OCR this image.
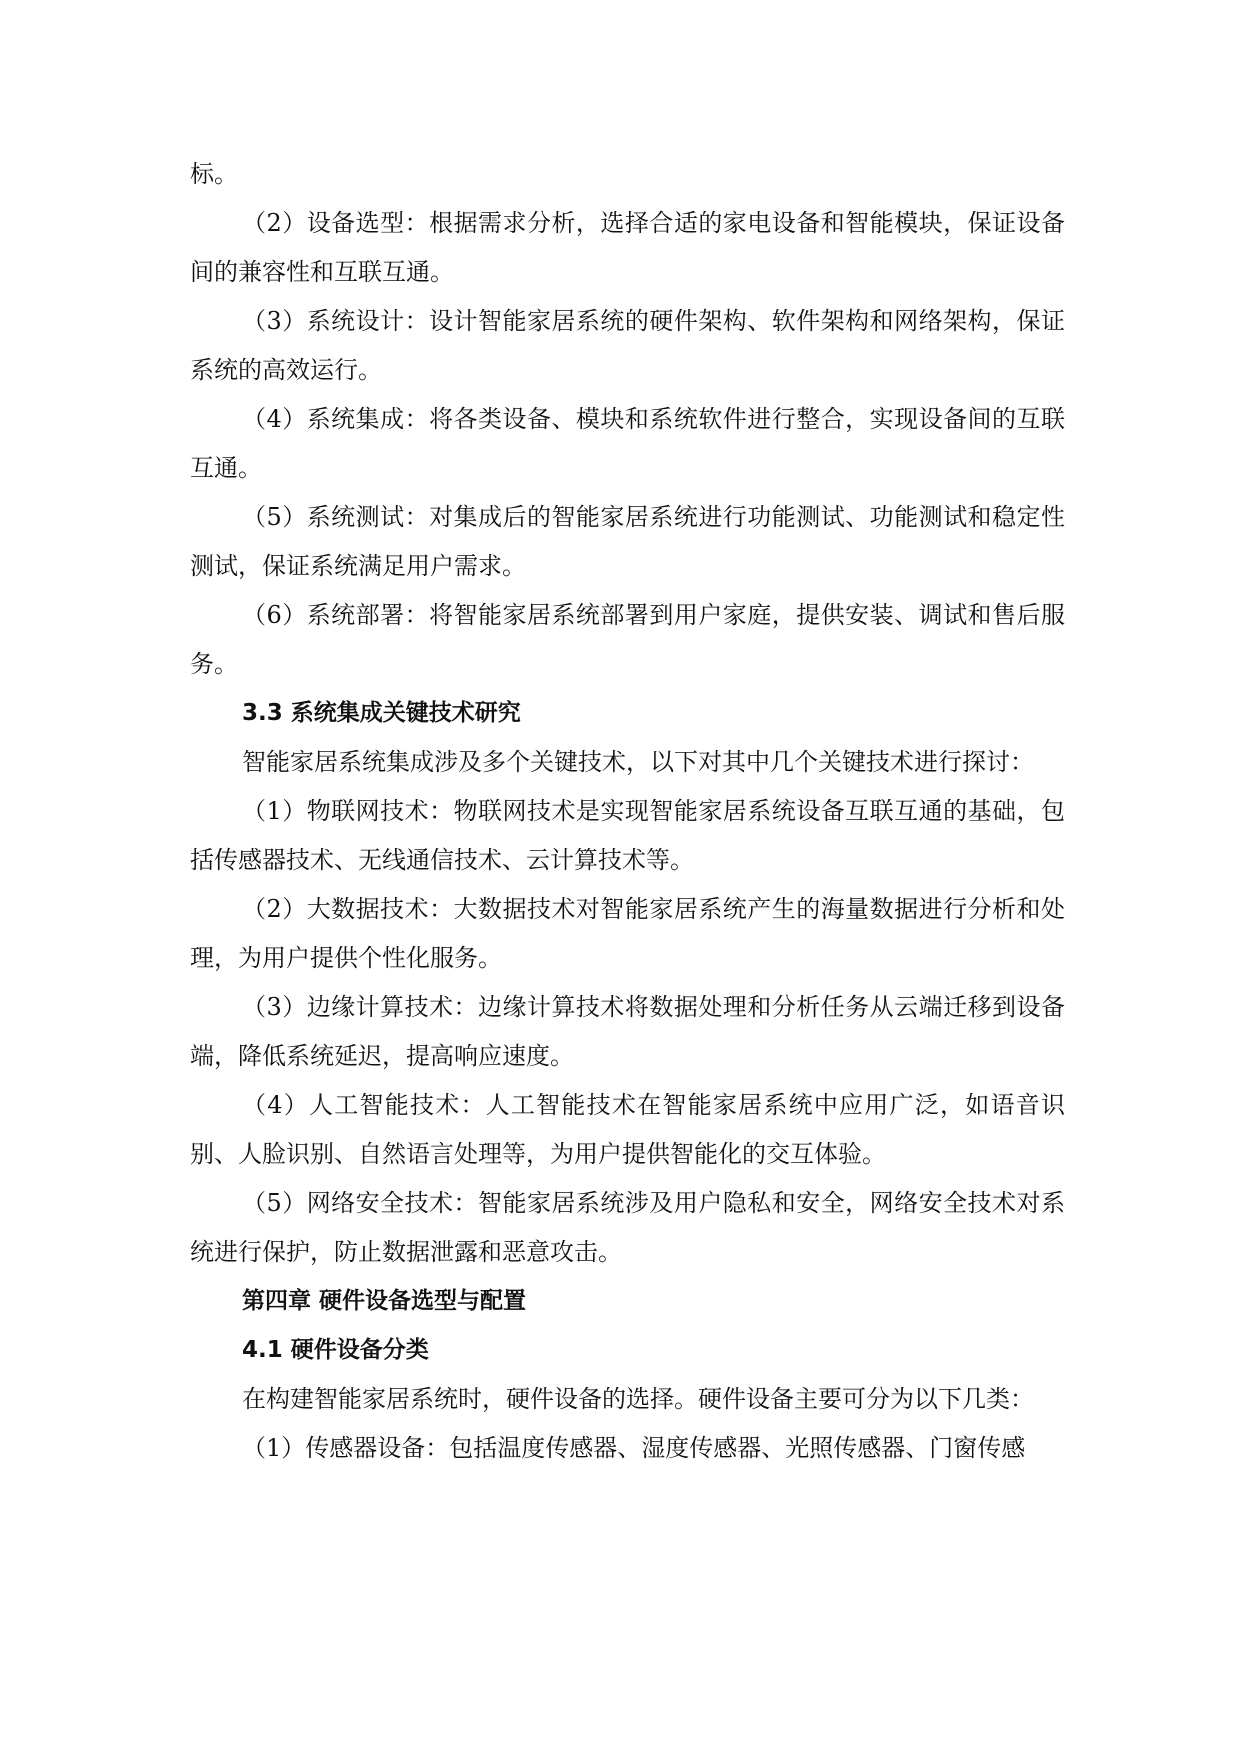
标。

（2）设备选型：根据需求分析，选择合适的家电设备和智能模块，保证设备间的兼容性和互联互通。

（3）系统设计：设计智能家居系统的硬件架构、软件架构和网络架构，保证系统的高效运行。

（4）系统集成：将各类设备、模块和系统软件进行整合，实现设备间的互联互通。

（5）系统测试：对集成后的智能家居系统进行功能测试、功能测试和稳定性测试，保证系统满足用户需求。

（6）系统部署：将智能家居系统部署到用户家庭，提供安装、调试和售后服务。

3.3 系统集成关键技术研究

智能家居系统集成涉及多个关键技术，以下对其中几个关键技术进行探讨：

（1）物联网技术：物联网技术是实现智能家居系统设备互联互通的基础，包括传感器技术、无线通信技术、云计算技术等。

（2）大数据技术：大数据技术对智能家居系统产生的海量数据进行分析和处理，为用户提供个性化服务。

（3）边缘计算技术：边缘计算技术将数据处理和分析任务从云端迁移到设备端，降低系统延迟，提高响应速度。

（4）人工智能技术：人工智能技术在智能家居系统中应用广泛，如语音识别、人脸识别、自然语言处理等，为用户提供智能化的交互体验。

（5）网络安全技术：智能家居系统涉及用户隐私和安全，网络安全技术对系统进行保护，防止数据泄露和恶意攻击。

第四章 硬件设备选型与配置
4.1 硬件设备分类

在构建智能家居系统时，硬件设备的选择。硬件设备主要可分为以下几类：

（1）传感器设备：包括温度传感器、湿度传感器、光照传感器、门窗传感
